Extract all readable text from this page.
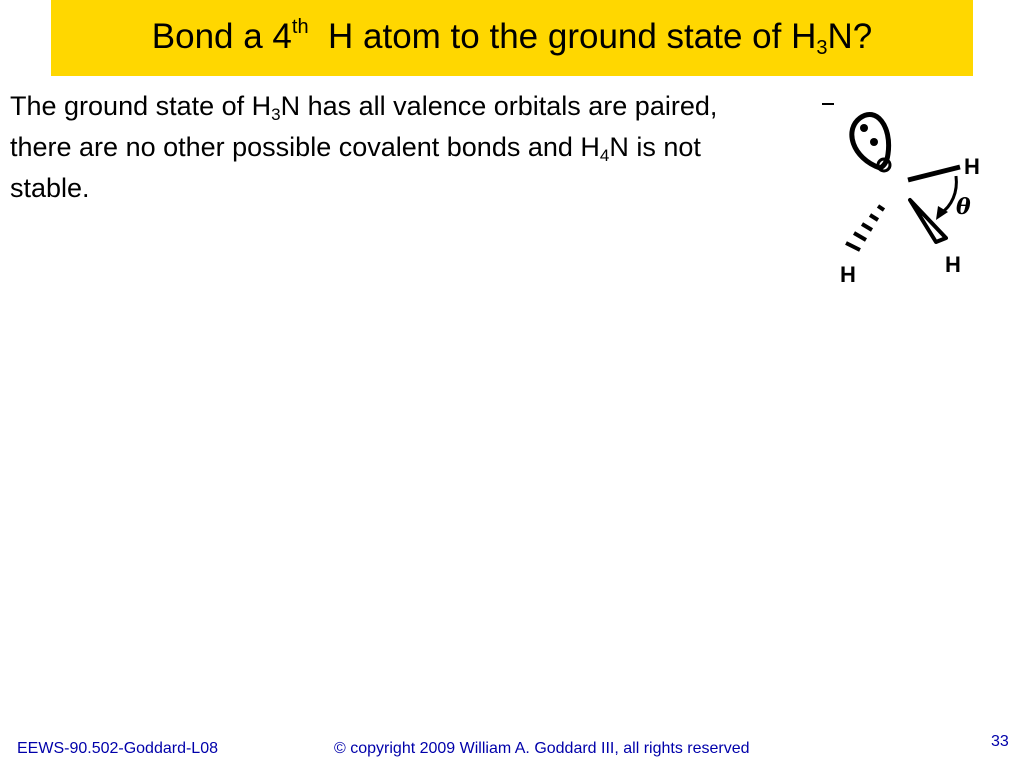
Bond a 4th  H atom to the ground state of $H_3N$?
The ground state of $H_3N$ has all valence orbitals are paired, there are no other possible covalent bonds and $H_4N$ is not stable.
H
θ
H
H
EEWS-90.502-Goddard-L08	© copyright 2009 William A. Goddard III, all rights reserved	33
